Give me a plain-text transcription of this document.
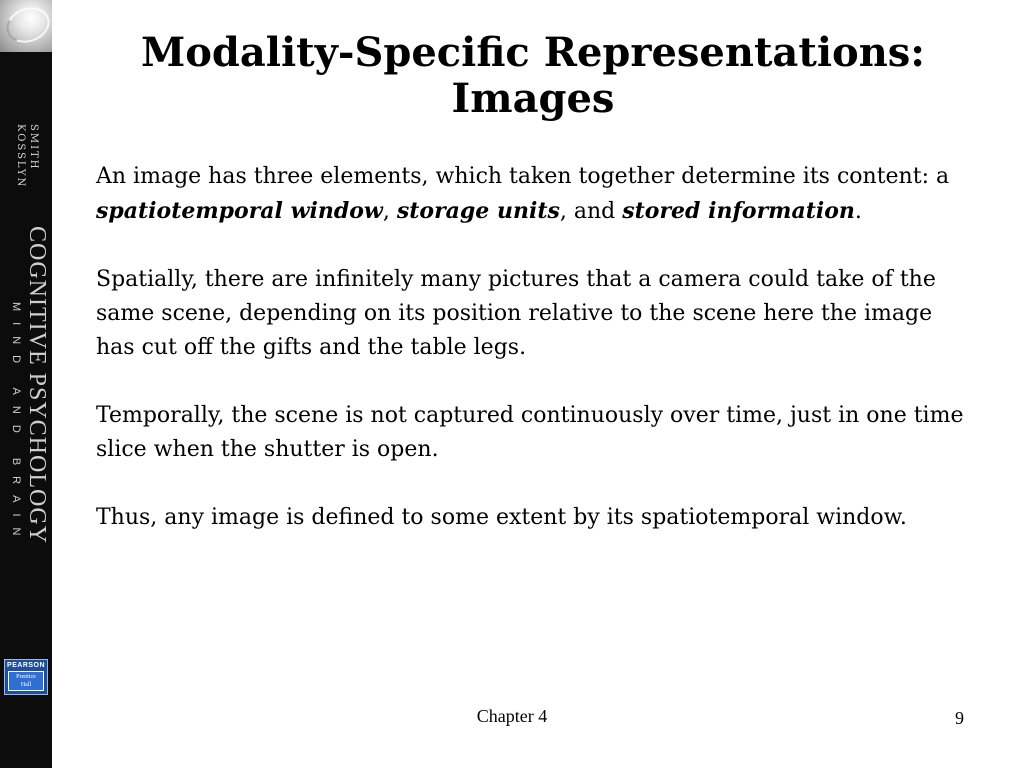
SMITH
KOSSLYN
COGNITIVE PSYCHOLOGY
MIND AND BRAIN
PEARSON
Prentice
Hall
Modality-Specific Representations:
Images

An image has three elements, which taken together determine its content: a spatiotemporal window, storage units, and stored information.

Spatially, there are infinitely many pictures that a camera could take of the same scene, depending on its position relative to the scene here the image has cut off the gifts and the table legs.

Temporally, the scene is not captured continuously over time, just in one time slice when the shutter is open.

Thus, any image is defined to some extent by its spatiotemporal window.

Chapter 4	9
